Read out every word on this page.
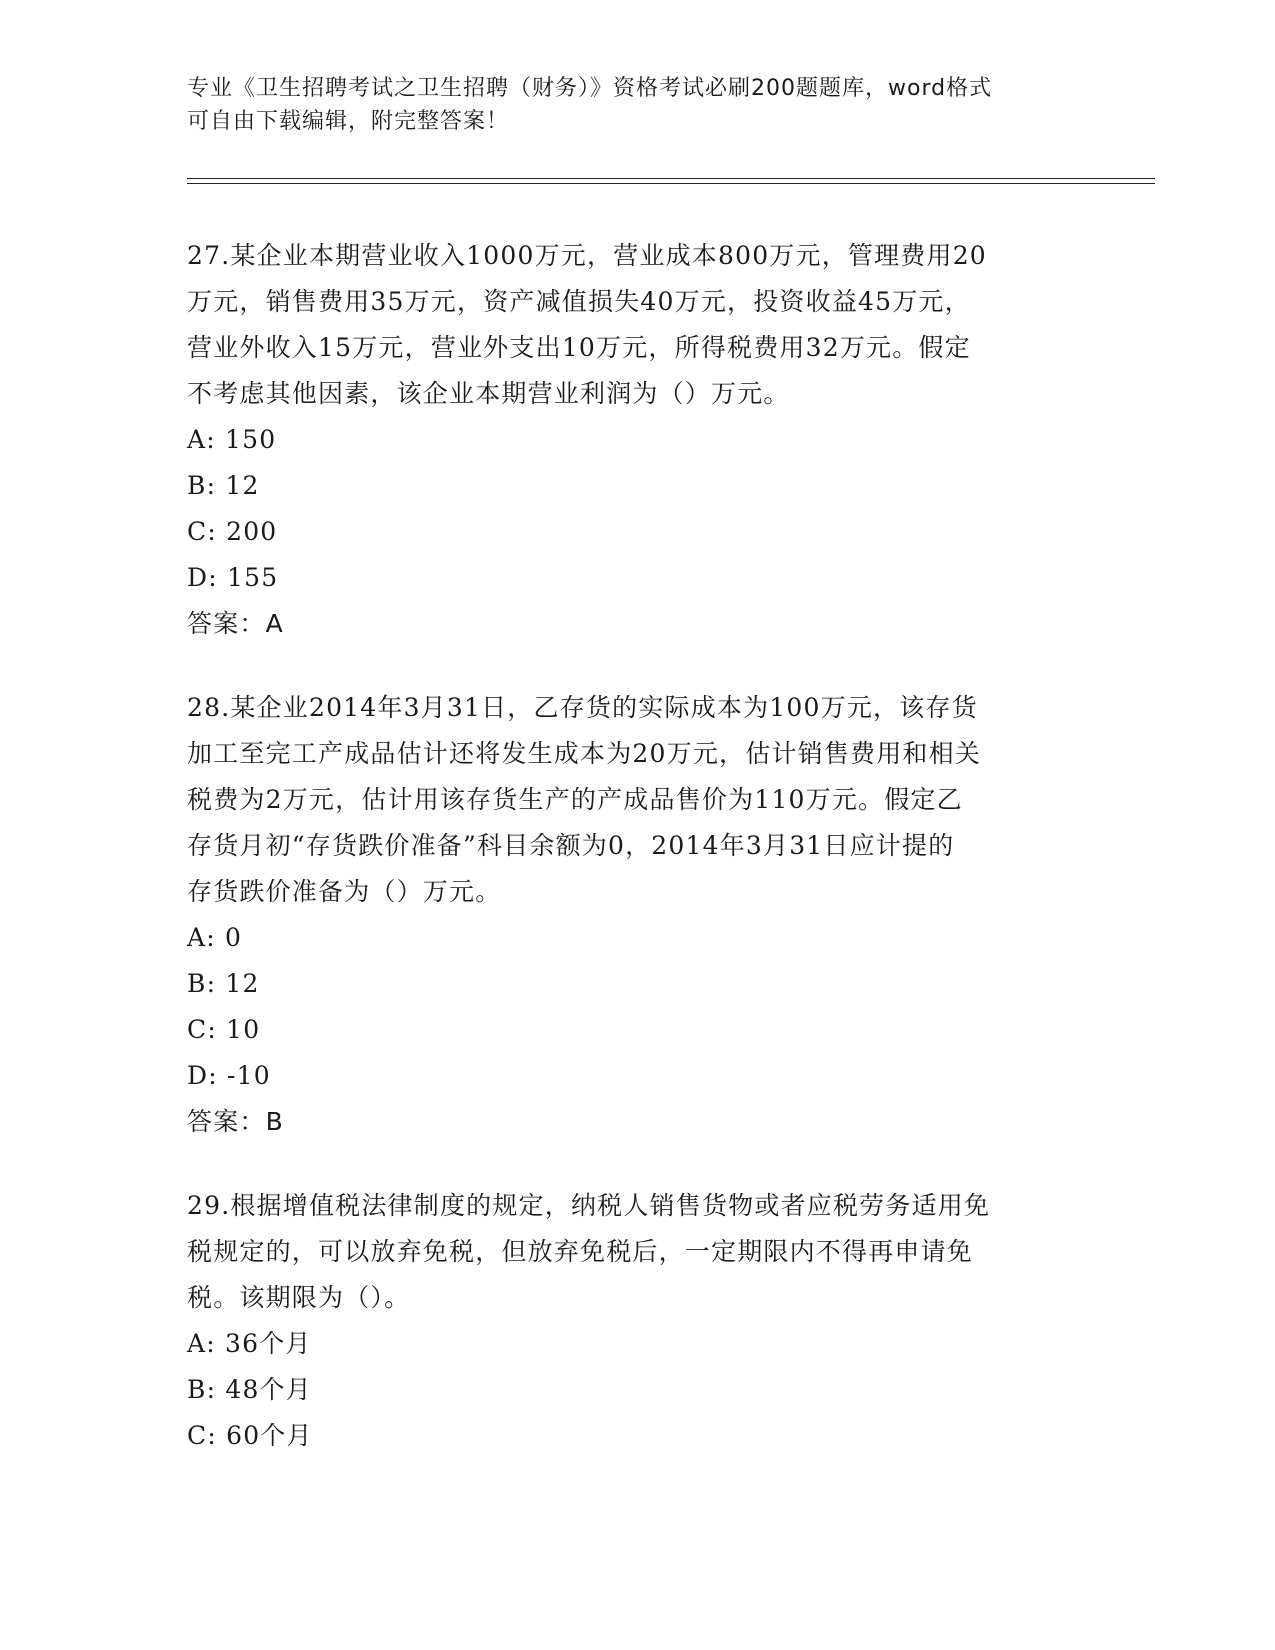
专业《卫生招聘考试之卫生招聘（财务）》资格考试必刷200题题库，word格式
可自由下载编辑，附完整答案！
27.某企业本期营业收入1000万元，营业成本800万元，管理费用20
万元，销售费用35万元，资产减值损失40万元，投资收益45万元，
营业外收入15万元，营业外支出10万元，所得税费用32万元。假定
不考虑其他因素，该企业本期营业利润为（）万元。
A: 150
B: 12
C: 200
D: 155
答案：A
28.某企业2014年3月31日，乙存货的实际成本为100万元，该存货
加工至完工产成品估计还将发生成本为20万元，估计销售费用和相关
税费为2万元，估计用该存货生产的产成品售价为110万元。假定乙
存货月初“存货跌价准备”科目余额为0，2014年3月31日应计提的
存货跌价准备为（）万元。
A: 0
B: 12
C: 10
D: -10
答案：B
29.根据增值税法律制度的规定，纳税人销售货物或者应税劳务适用免
税规定的，可以放弃免税，但放弃免税后，一定期限内不得再申请免
税。该期限为（）。
A: 36个月
B: 48个月
C: 60个月
